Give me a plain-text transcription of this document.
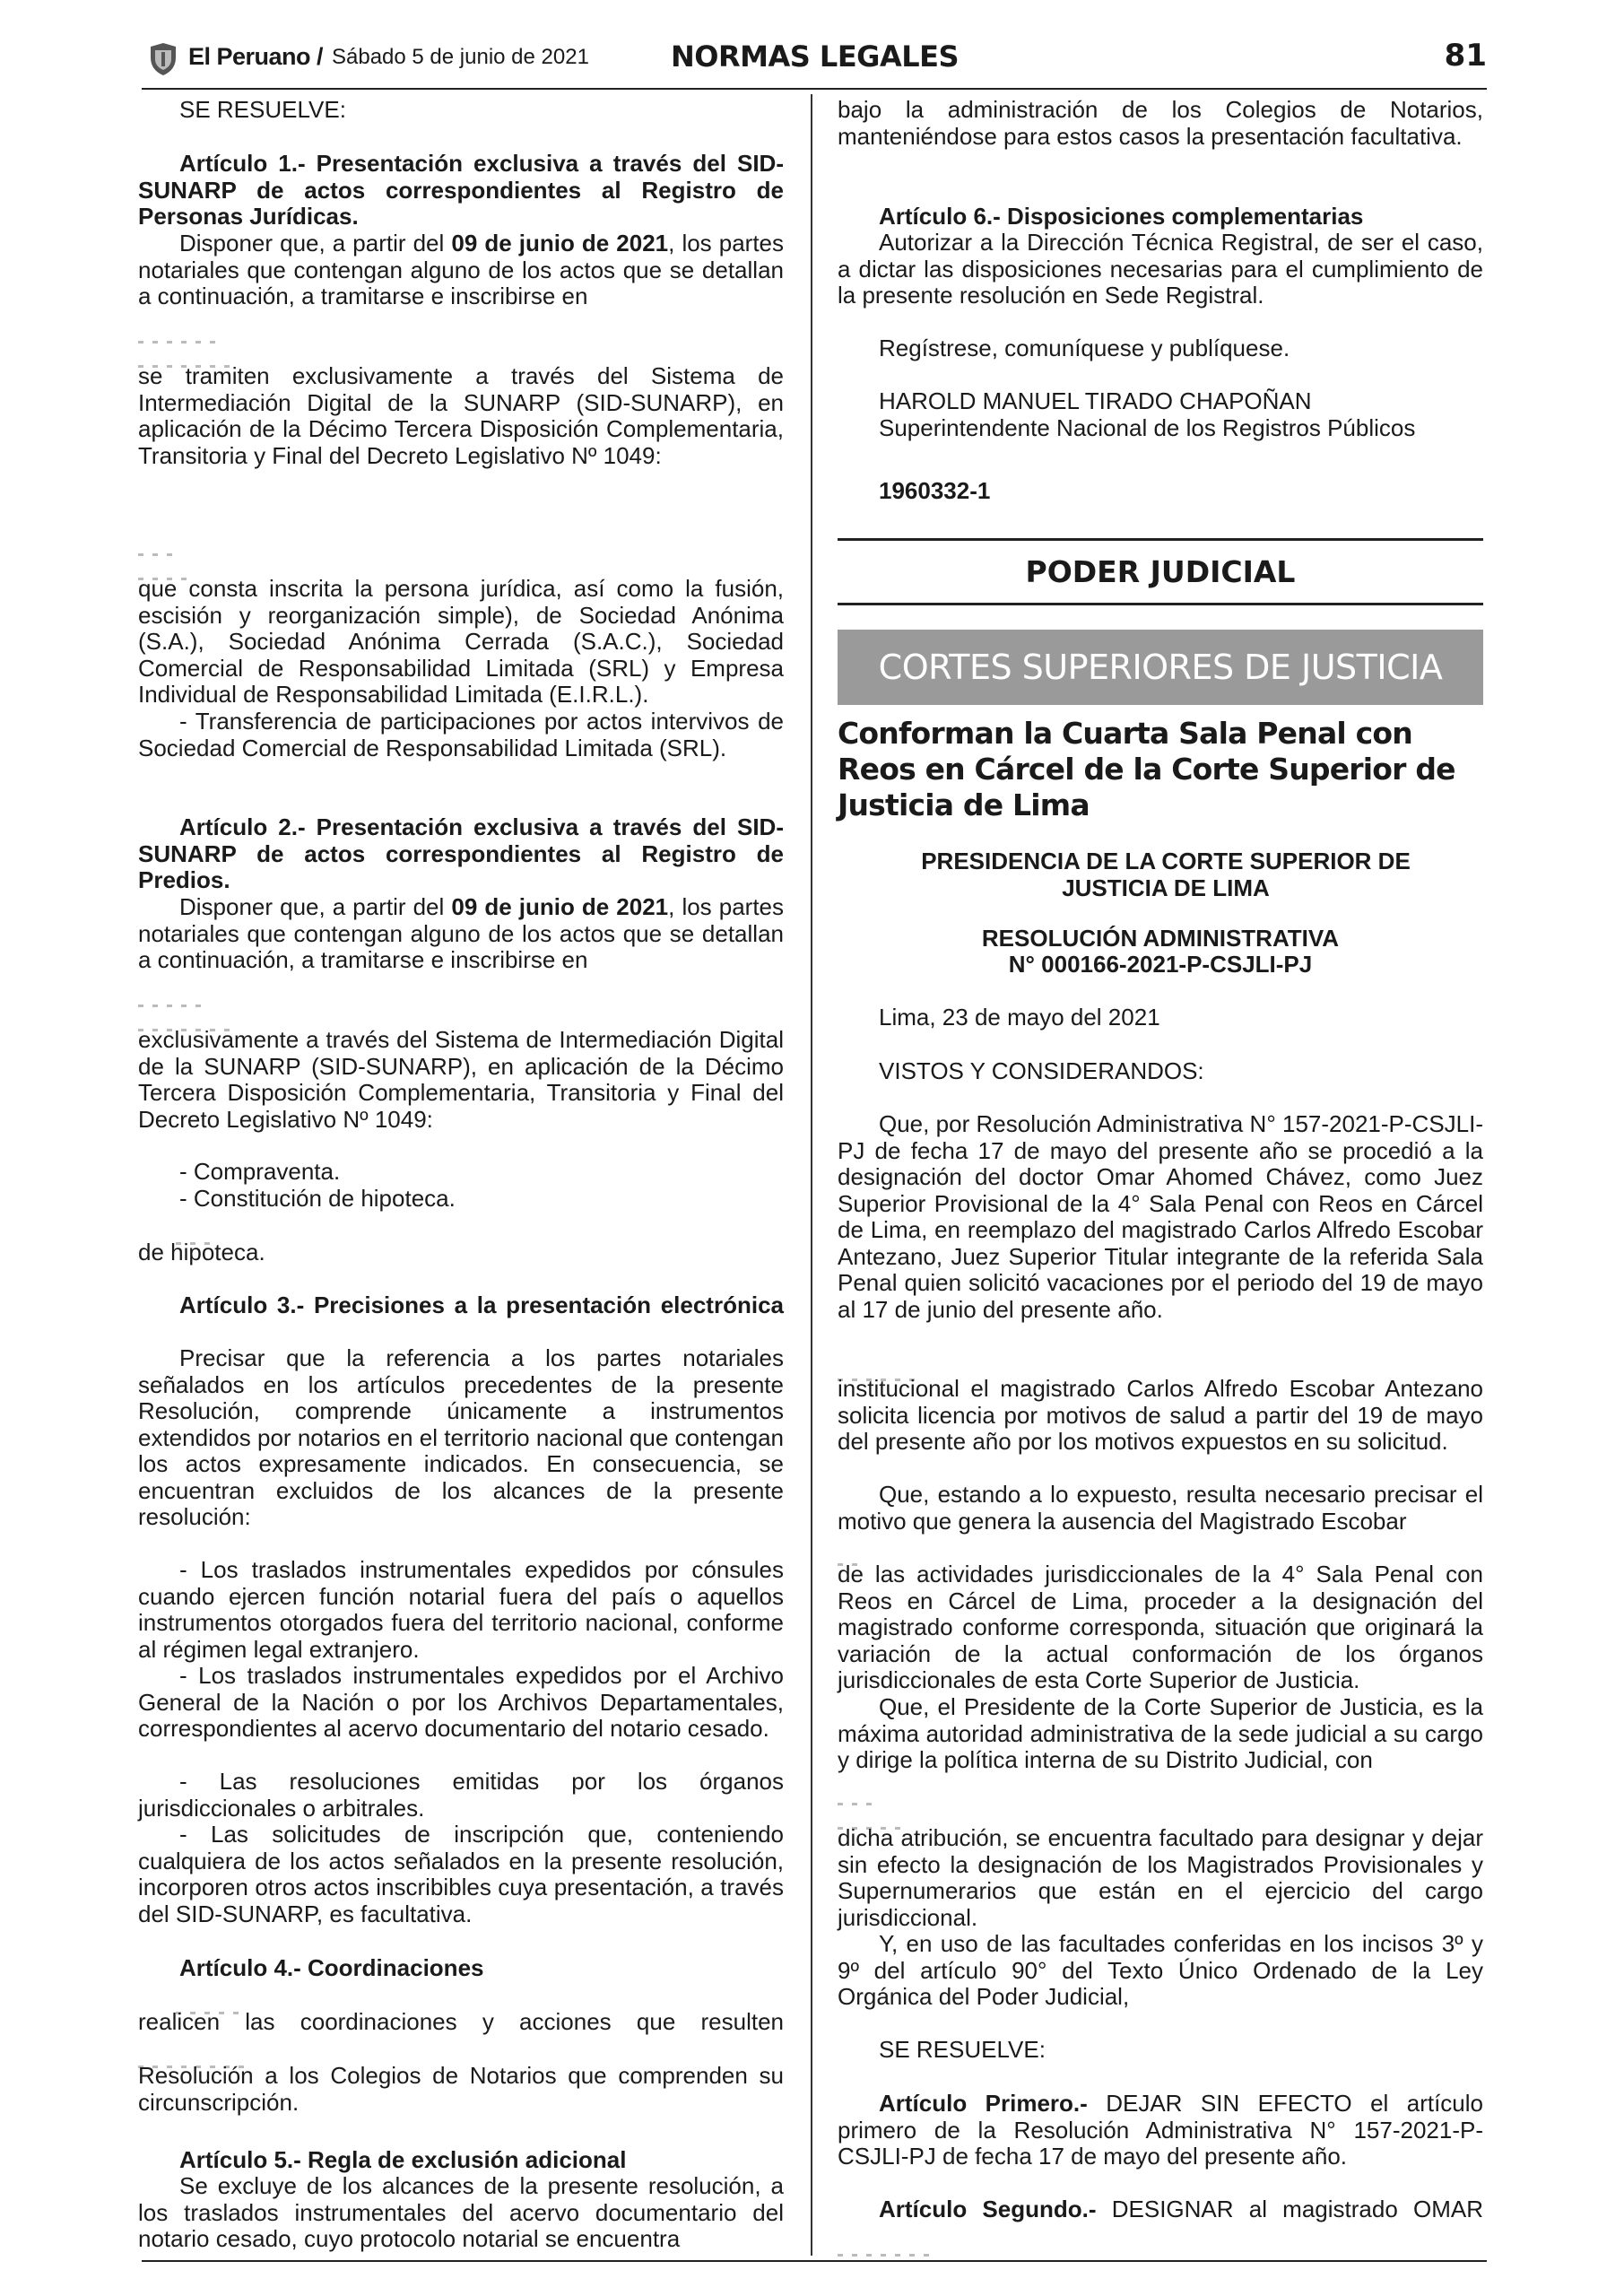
El Peruano / Sábado 5 de junio de 2021	NORMAS LEGALES	81
SE RESUELVE:
Artículo 1.- Presentación exclusiva a través del SID-SUNARP de actos correspondientes al Registro de Personas Jurídicas.
Disponer que, a partir del 09 de junio de 2021, los partes notariales que contengan alguno de los actos que se detallan a continuación, a tramitarse e inscribirse en
se tramiten exclusivamente a través del Sistema de Intermediación Digital de la SUNARP (SID-SUNARP), en aplicación de la Décimo Tercera Disposición Complementaria, Transitoria y Final del Decreto Legislativo Nº 1049:
que consta inscrita la persona jurídica, así como la fusión, escisión y reorganización simple), de Sociedad Anónima (S.A.), Sociedad Anónima Cerrada (S.A.C.), Sociedad Comercial de Responsabilidad Limitada (SRL) y Empresa Individual de Responsabilidad Limitada (E.I.R.L.).
- Transferencia de participaciones por actos intervivos de Sociedad Comercial de Responsabilidad Limitada (SRL).
Artículo 2.- Presentación exclusiva a través del SID-SUNARP de actos correspondientes al Registro de Predios.
Disponer que, a partir del 09 de junio de 2021, los partes notariales que contengan alguno de los actos que se detallan a continuación, a tramitarse e inscribirse en
exclusivamente a través del Sistema de Intermediación Digital de la SUNARP (SID-SUNARP), en aplicación de la Décimo Tercera Disposición Complementaria, Transitoria y Final del Decreto Legislativo Nº 1049:
- Compraventa.
- Constitución de hipoteca.
de hipoteca.
Artículo 3.- Precisiones a la presentación electrónica
Precisar que la referencia a los partes notariales señalados en los artículos precedentes de la presente Resolución, comprende únicamente a instrumentos extendidos por notarios en el territorio nacional que contengan los actos expresamente indicados. En consecuencia, se encuentran excluidos de los alcances de la presente resolución:
- Los traslados instrumentales expedidos por cónsules cuando ejercen función notarial fuera del país o aquellos instrumentos otorgados fuera del territorio nacional, conforme al régimen legal extranjero.
- Los traslados instrumentales expedidos por el Archivo General de la Nación o por los Archivos Departamentales, correspondientes al acervo documentario del notario cesado.
- Las resoluciones emitidas por los órganos jurisdiccionales o arbitrales.
- Las solicitudes de inscripción que, conteniendo cualquiera de los actos señalados en la presente resolución, incorporen otros actos inscribibles cuya presentación, a través del SID-SUNARP, es facultativa.
Artículo 4.- Coordinaciones
realicen las coordinaciones y acciones que resulten
Resolución a los Colegios de Notarios que comprenden su circunscripción.
Artículo 5.- Regla de exclusión adicional
Se excluye de los alcances de la presente resolución, a los traslados instrumentales del acervo documentario del notario cesado, cuyo protocolo notarial se encuentra
bajo la administración de los Colegios de Notarios, manteniéndose para estos casos la presentación facultativa.
Artículo 6.- Disposiciones complementarias
Autorizar a la Dirección Técnica Registral, de ser el caso, a dictar las disposiciones necesarias para el cumplimiento de la presente resolución en Sede Registral.
Regístrese, comuníquese y publíquese.
HAROLD MANUEL TIRADO CHAPOÑAN
Superintendente Nacional de los Registros Públicos
1960332-1
PODER JUDICIAL
CORTES SUPERIORES DE JUSTICIA
Conforman la Cuarta Sala Penal con Reos en Cárcel de la Corte Superior de Justicia de Lima
PRESIDENCIA DE LA CORTE SUPERIOR DE JUSTICIA DE LIMA
RESOLUCIÓN ADMINISTRATIVA
N° 000166-2021-P-CSJLI-PJ
Lima, 23 de mayo del 2021
VISTOS Y CONSIDERANDOS:
Que, por Resolución Administrativa N° 157-2021-P-CSJLI-PJ de fecha 17 de mayo del presente año se procedió a la designación del doctor Omar Ahomed Chávez, como Juez Superior Provisional de la 4° Sala Penal con Reos en Cárcel de Lima, en reemplazo del magistrado Carlos Alfredo Escobar Antezano, Juez Superior Titular integrante de la referida Sala Penal quien solicitó vacaciones por el periodo del 19 de mayo al 17 de junio del presente año.
institucional el magistrado Carlos Alfredo Escobar Antezano solicita licencia por motivos de salud a partir del 19 de mayo del presente año por los motivos expuestos en su solicitud.
Que, estando a lo expuesto, resulta necesario precisar el motivo que genera la ausencia del Magistrado Escobar
de las actividades jurisdiccionales de la 4° Sala Penal con Reos en Cárcel de Lima, proceder a la designación del magistrado conforme corresponda, situación que originará la variación de la actual conformación de los órganos jurisdiccionales de esta Corte Superior de Justicia.
Que, el Presidente de la Corte Superior de Justicia, es la máxima autoridad administrativa de la sede judicial a su cargo y dirige la política interna de su Distrito Judicial, con
dicha atribución, se encuentra facultado para designar y dejar sin efecto la designación de los Magistrados Provisionales y Supernumerarios que están en el ejercicio del cargo jurisdiccional.
Y, en uso de las facultades conferidas en los incisos 3º y 9º del artículo 90° del Texto Único Ordenado de la Ley Orgánica del Poder Judicial,
SE RESUELVE:
Artículo Primero.- DEJAR SIN EFECTO el artículo primero de la Resolución Administrativa N° 157-2021-P-CSJLI-PJ de fecha 17 de mayo del presente año.
Artículo Segundo.- DESIGNAR al magistrado OMAR
